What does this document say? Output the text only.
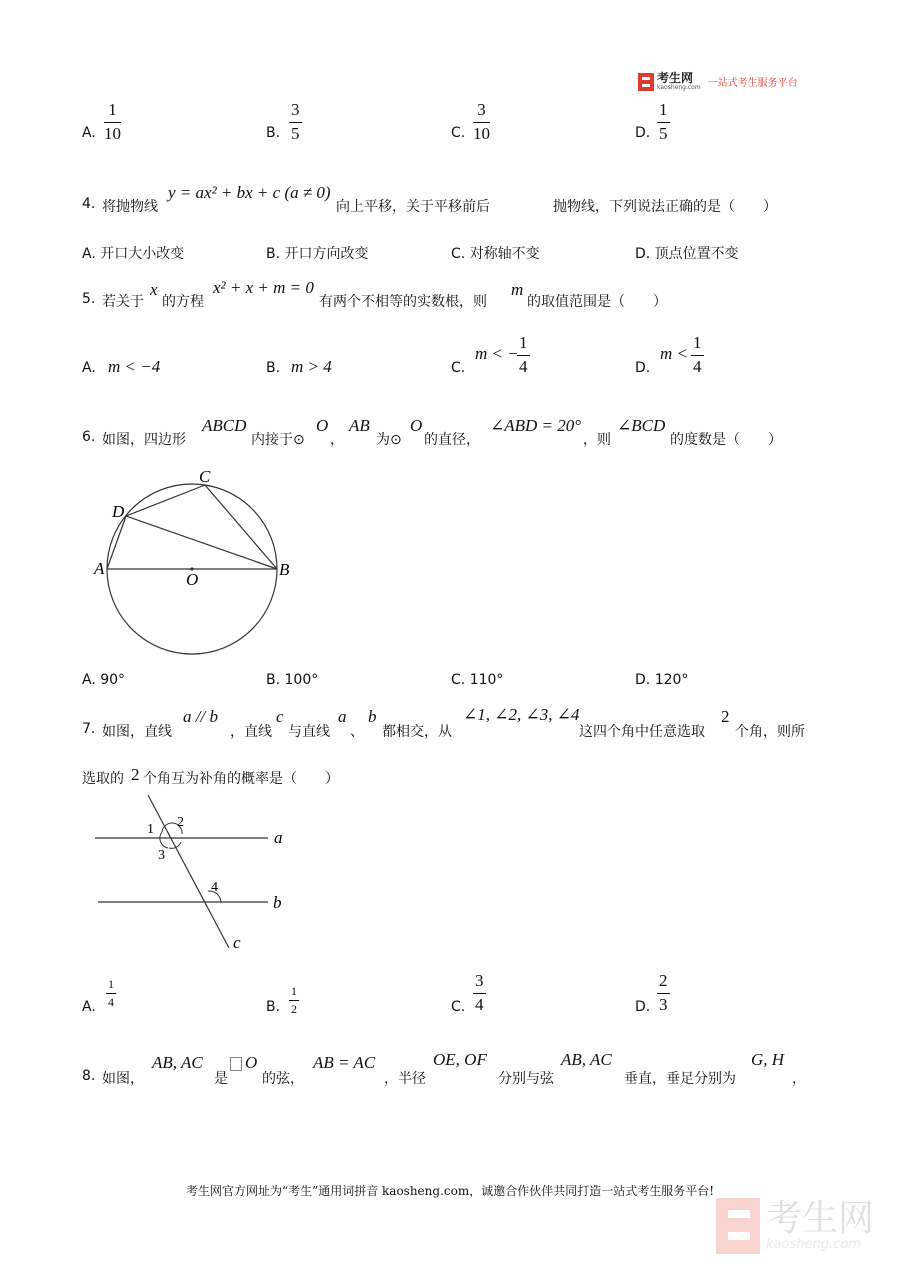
考生网
kaosheng.com 一站式考生服务平台
A.
1
10	B.
3
5	C.
3
10	D.
1
5
4. 将抛物线
y = ax² + bx + c (a ≠ 0)
向上平移，关于平移前后	抛物线，下列说法正确的是（　　）
A. 开口大小改变	B. 开口方向改变	C. 对称轴不变	D. 顶点位置不变
5. 若关于
x
的方程
x² + x + m = 0
有两个不相等的实数根，则
m
的取值范围是（　　）
A. m < −4	B. m > 4	C.
m < −
1
4	D.
m <
1
4
6. 如图，四边形
ABCD
内接于⊙
O
，
AB
为⊙
O
的直径，
∠ABD = 20°
，则
∠BCD
的度数是（　　）
A	B
C
D
O
A. 90°	B. 100°	C. 110°	D. 120°
7. 如图，直线
a // b
，直线
c
与直线
a
、
b
都相交，从
∠1, ∠2, ∠3, ∠4
这四个角中任意选取
2
个角，则所
选取的 2 个角互为补角的概率是（　　）
1 2
3
4
a
b
c
A.
1
4	B.
1
2	C.
3
4	D.
2
3
8. 如图，
AB, AC
是
O
的弦，
AB = AC
，半径
OE, OF
分别与弦
AB, AC
垂直，垂足分别为
G, H
，
考生网官方网址为“考生”通用词拼音 kaosheng.com，诚邀合作伙伴共同打造一站式考生服务平台!
考生网
kaosheng.com
